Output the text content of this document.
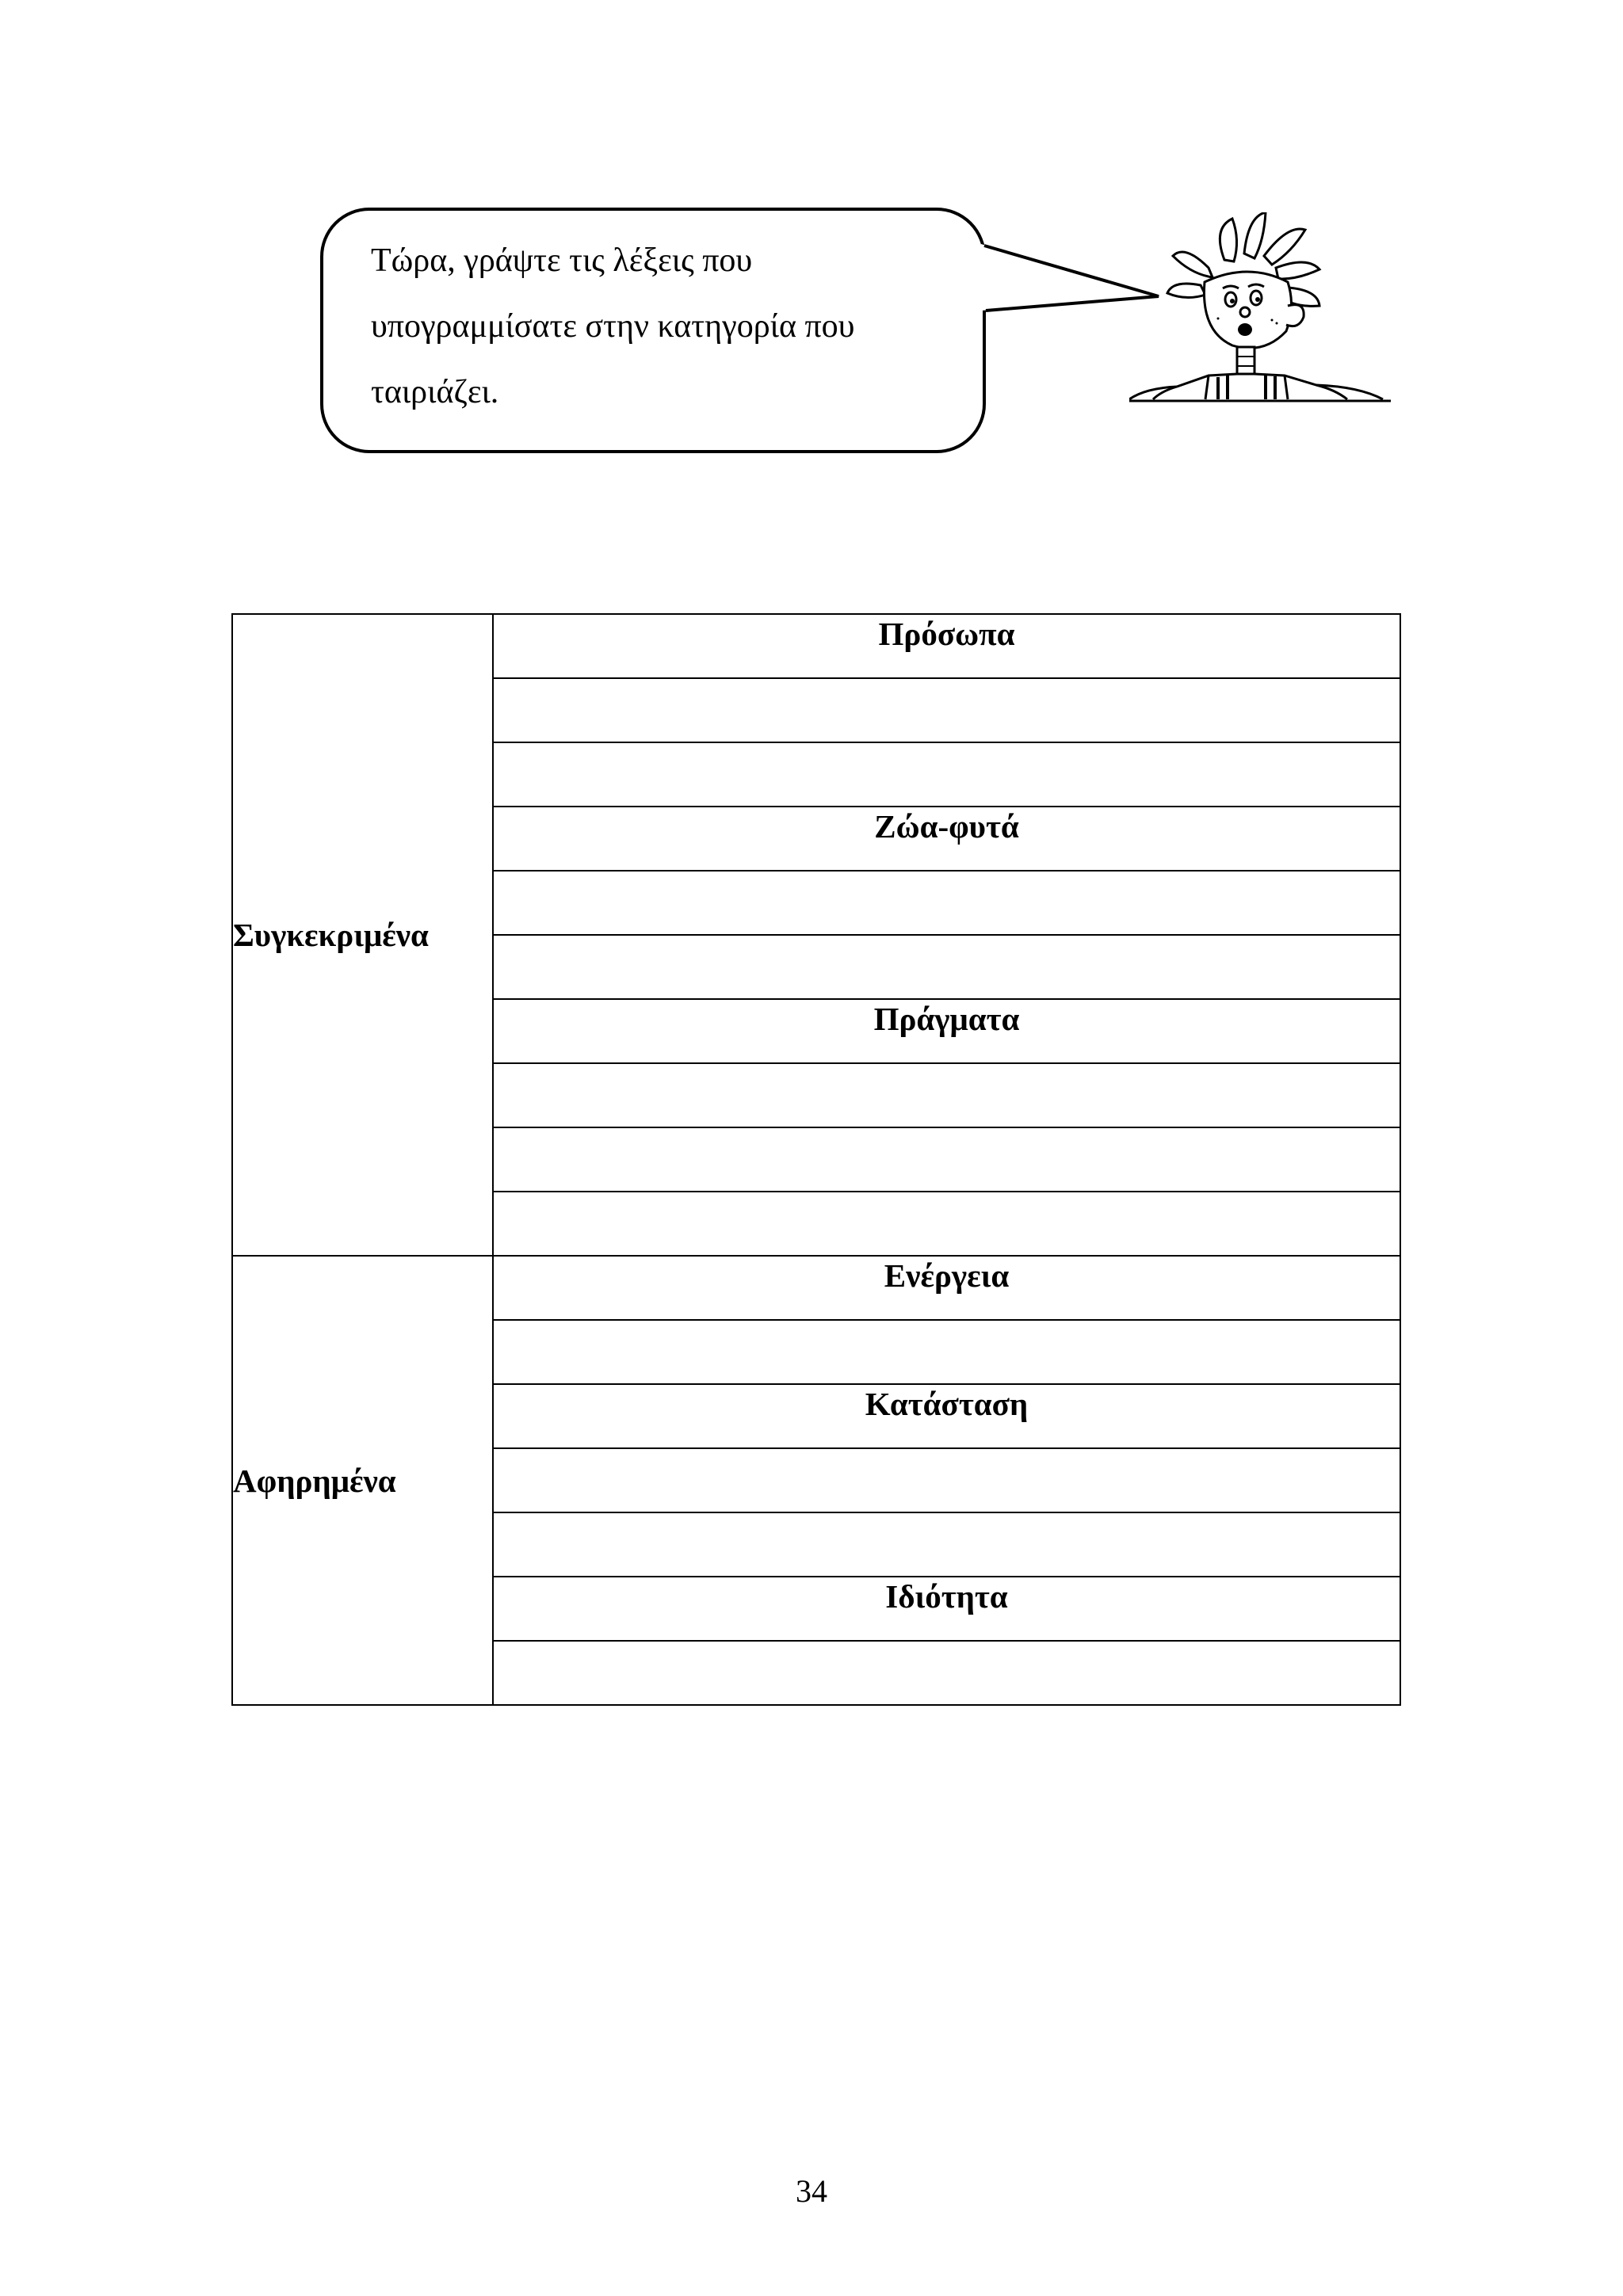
Τώρα, γράψτε τις λέξεις που
υπογραμμίσατε στην κατηγορία που
ταιριάζει.
Συγκεκριμένα	Πρόσωπα

	Ζώα-φυτά

	Πράγματα

Αφηρημένα	Ενέργεια

	Κατάσταση

	Ιδιότητα

34
